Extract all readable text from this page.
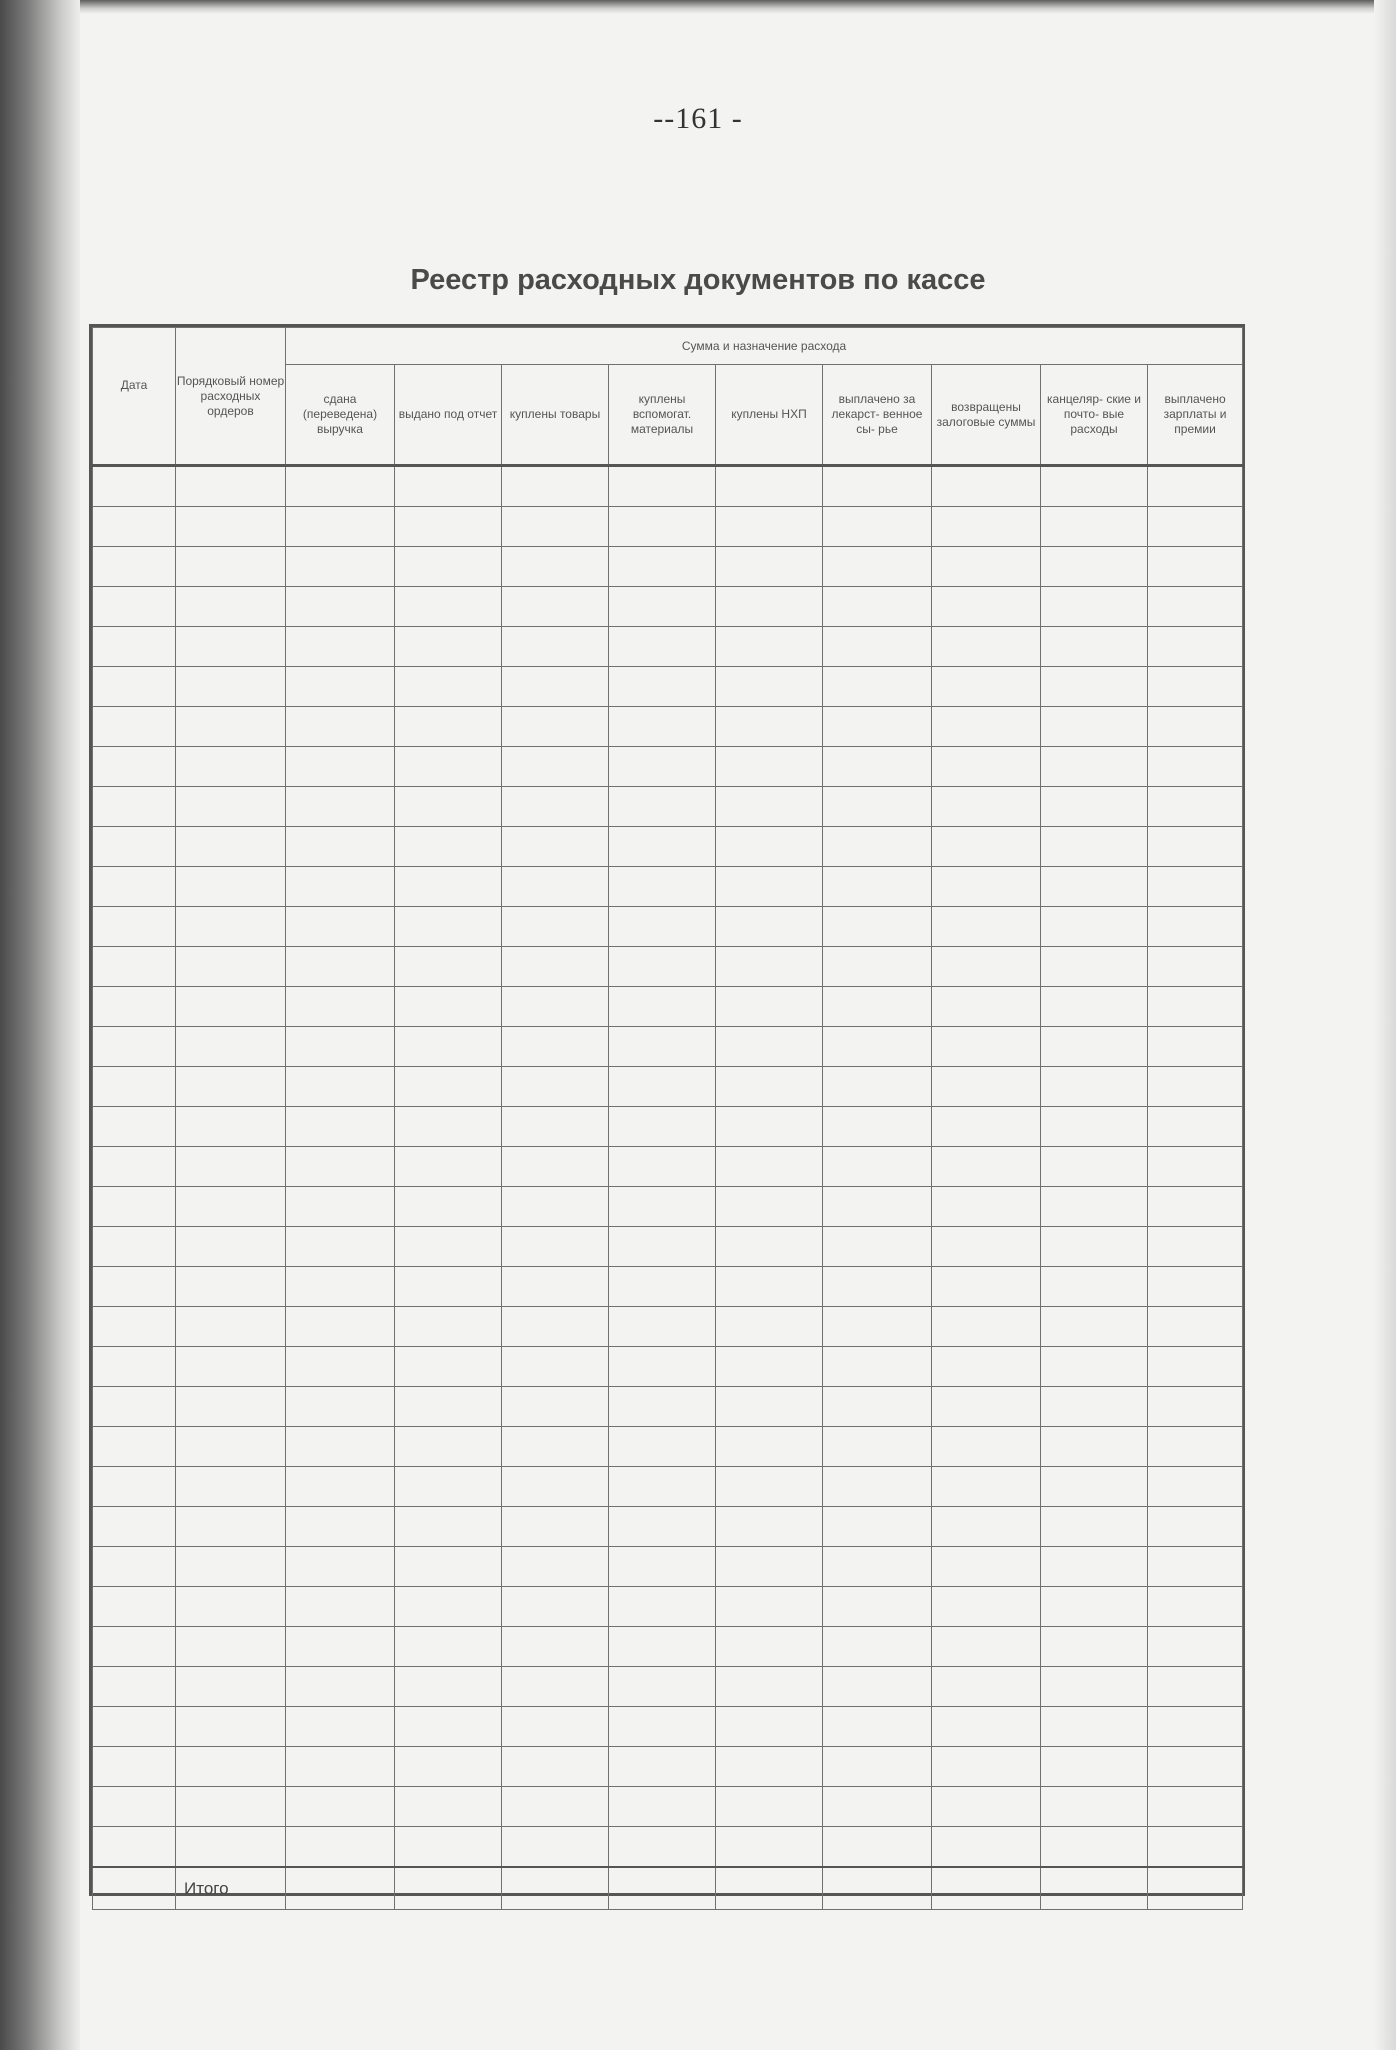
--161 -
Реестр расходных документов по кассе
Дата	Порядковый номер расходных ордеров	Сумма и назначение расхода								
		сдана (переведена) выручка	выдано под отчет	куплены товары	куплены вспомогат. материалы	куплены НХП	выплачено за лекарст- венное сы- рье	возвращены залоговые суммы	канцеляр- ские и почто- вые расходы	выплачено зарплаты и премии

	Итого									
